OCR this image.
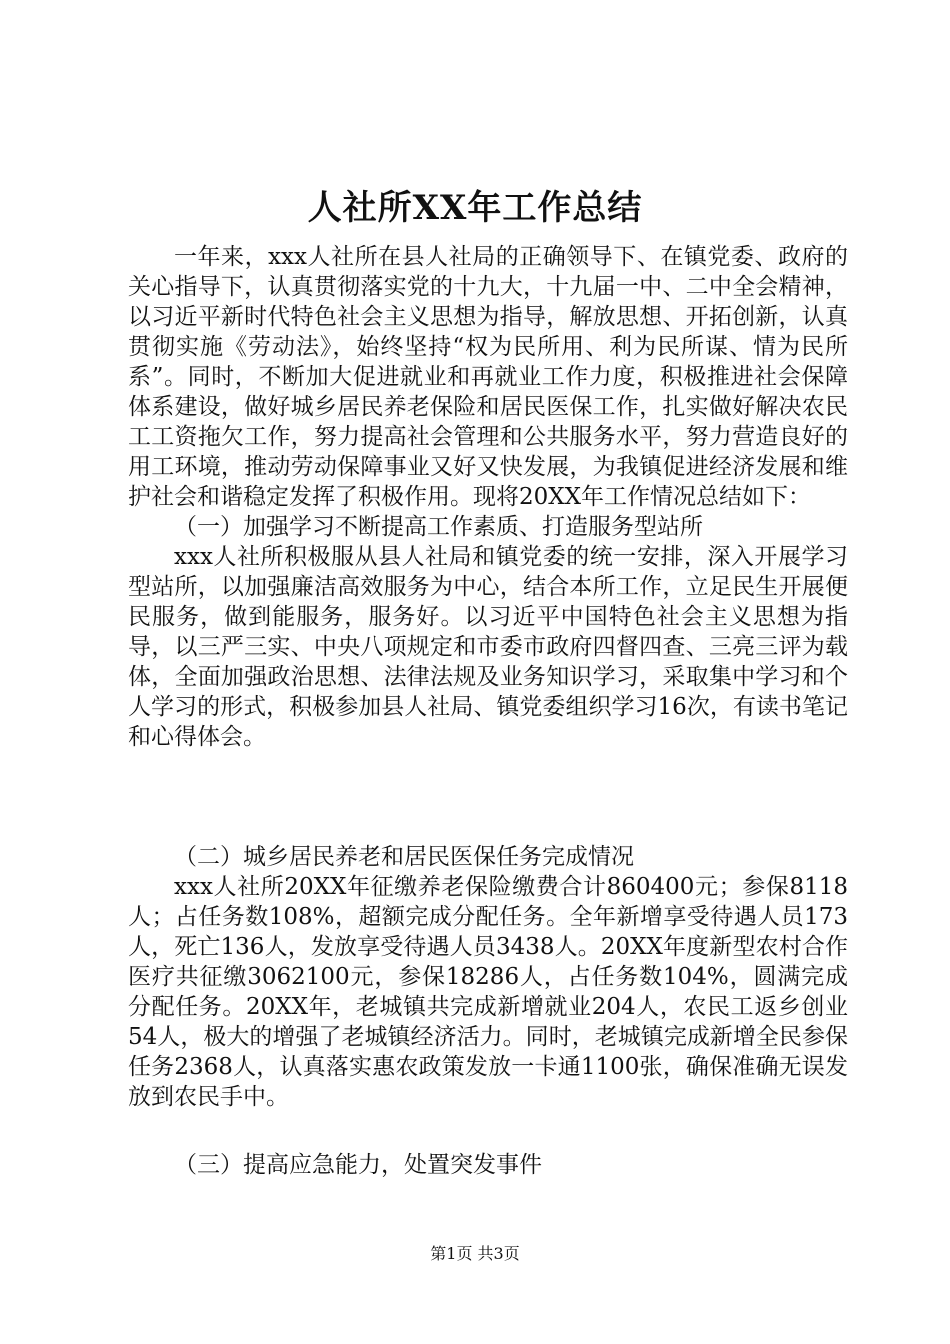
人社所XX年工作总结

一年来，xxx人社所在县人社局的正确领导下、在镇党委、政府的关心指导下，认真贯彻落实党的十九大，十九届一中、二中全会精神，以习近平新时代特色社会主义思想为指导，解放思想、开拓创新，认真贯彻实施《劳动法》，始终坚持“权为民所用、利为民所谋、情为民所系”。同时，不断加大促进就业和再就业工作力度，积极推进社会保障体系建设，做好城乡居民养老保险和居民医保工作，扎实做好解决农民工工资拖欠工作，努力提高社会管理和公共服务水平，努力营造良好的用工环境，推动劳动保障事业又好又快发展，为我镇促进经济发展和维护社会和谐稳定发挥了积极作用。现将20XX年工作情况总结如下：

（一）加强学习不断提高工作素质、打造服务型站所

xxx人社所积极服从县人社局和镇党委的统一安排，深入开展学习型站所，以加强廉洁高效服务为中心，结合本所工作，立足民生开展便民服务，做到能服务，服务好。以习近平中国特色社会主义思想为指导，以三严三实、中央八项规定和市委市政府四督四查、三亮三评为载体，全面加强政治思想、法律法规及业务知识学习，采取集中学习和个人学习的形式，积极参加县人社局、镇党委组织学习16次，有读书笔记和心得体会。

（二）城乡居民养老和居民医保任务完成情况

xxx人社所20XX年征缴养老保险缴费合计860400元；参保8118人；占任务数108%，超额完成分配任务。全年新增享受待遇人员173人，死亡136人，发放享受待遇人员3438人。20XX年度新型农村合作医疗共征缴3062100元，参保18286人，占任务数104%，圆满完成分配任务。20XX年，老城镇共完成新增就业204人，农民工返乡创业54人，极大的增强了老城镇经济活力。同时，老城镇完成新增全民参保任务2368人，认真落实惠农政策发放一卡通1100张，确保准确无误发放到农民手中。

（三）提高应急能力，处置突发事件

第1页 共3页
